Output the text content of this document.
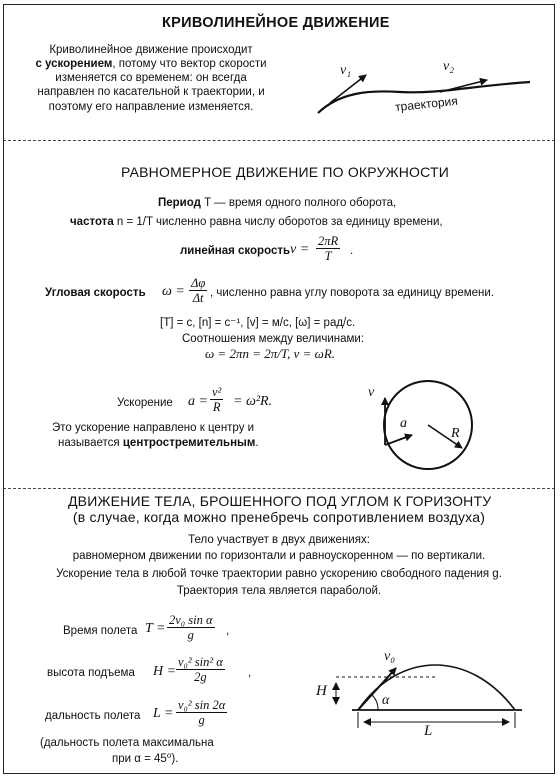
КРИВОЛИНЕЙНОЕ ДВИЖЕНИЕ
Криволинейное движение происходит
с ускорением, потому что вектор скорости
изменяется со временем: он всегда
направлен по касательной к траектории, и
поэтому его направление изменяется.
v₁	v₂
траектория
РАВНОМЕРНОЕ ДВИЖЕНИЕ ПО ОКРУЖНОСТИ
Период T — время одного полного оборота,
частота n = 1/T численно равна числу оборотов за единицу времени,
линейная скорость $v = \frac{2\pi R}{T}$ .
Угловая скорость $\omega = \frac{\Delta\varphi}{\Delta t}$ , численно равна углу поворота за единицу времени.
[T] = с, [n] = с⁻¹, [v] = м/с, [ω] = рад/с.
Соотношения между величинами:
ω = 2πn = 2π/T, v = ωR.
Ускорение $a = \frac{\text{v²}}{R} = \omega^2R$.
Это ускорение направлено к центру и
называется центростремительным.
v
a
R
ДВИЖЕНИЕ ТЕЛА, БРОШЕННОГО ПОД УГЛОМ К ГОРИЗОНТУ
(в случае, когда можно пренебречь сопротивлением воздуха)
Тело участвует в двух движениях:
равномерном движении по горизонтали и равноускоренном — по вертикали.
Ускорение тела в любой точке траектории равно ускорению свободного падения g.
Траектория тела является параболой.
Время полета $T = \frac{\text{2v₀ sin α}}{g}$ ,
высота подъема $H = \frac{\text{v₀² sin² α}}{2g}$ ,
дальность полета $L = \frac{\text{v₀² sin 2α}}{g}$
(дальность полета максимальна
при α = 45⁰).
v₀
H
L
α
